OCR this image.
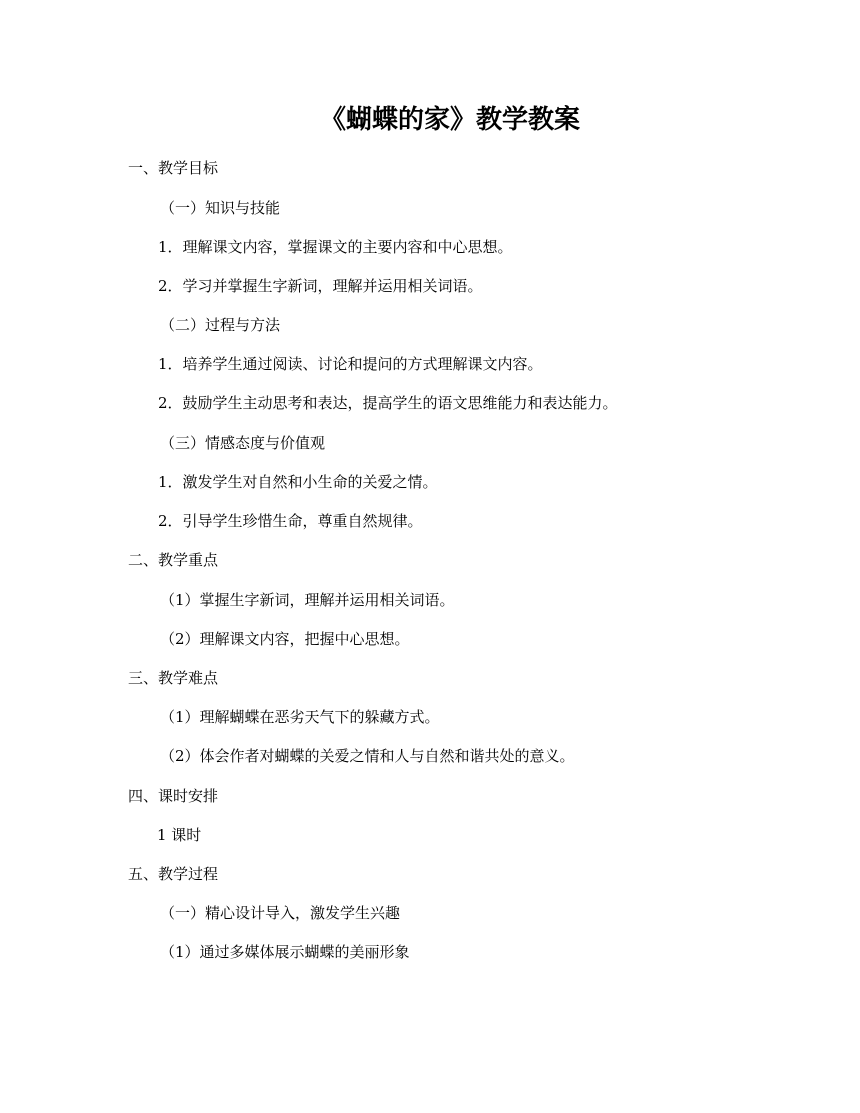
《蝴蝶的家》教学教案
一、教学目标
（一）知识与技能
1．理解课文内容，掌握课文的主要内容和中心思想。
2．学习并掌握生字新词，理解并运用相关词语。
（二）过程与方法
1．培养学生通过阅读、讨论和提问的方式理解课文内容。
2．鼓励学生主动思考和表达，提高学生的语文思维能力和表达能力。
（三）情感态度与价值观
1．激发学生对自然和小生命的关爱之情。
2．引导学生珍惜生命，尊重自然规律。
二、教学重点
（1）掌握生字新词，理解并运用相关词语。
（2）理解课文内容，把握中心思想。
三、教学难点
（1）理解蝴蝶在恶劣天气下的躲藏方式。
（2）体会作者对蝴蝶的关爱之情和人与自然和谐共处的意义。
四、课时安排
1 课时
五、教学过程
（一）精心设计导入，激发学生兴趣
（1）通过多媒体展示蝴蝶的美丽形象
